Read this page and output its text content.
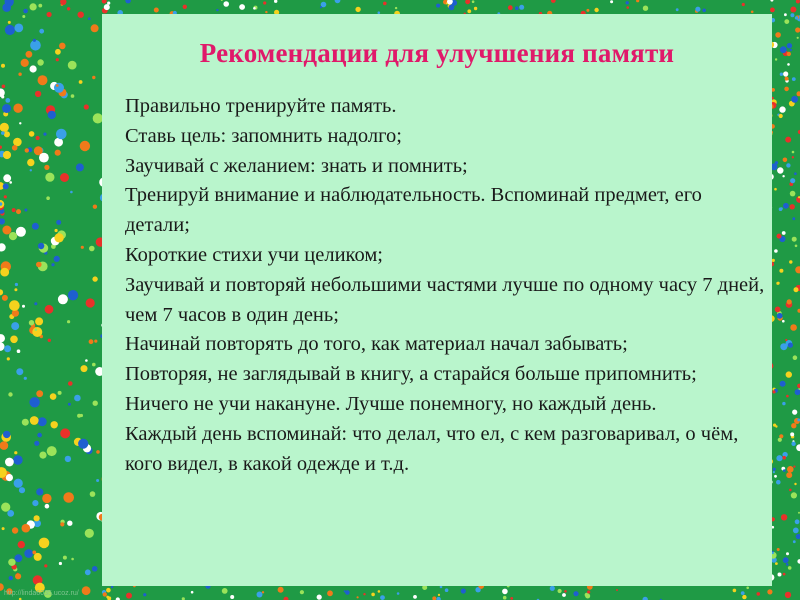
Рекомендации для улучшения памяти
Правильно тренируйте память.
Ставь цель: запомнить надолго;
Заучивай с желанием: знать и помнить;
Тренируй внимание и наблюдательность. Вспоминай предмет, его детали;
Короткие стихи учи целиком;
Заучивай и повторяй небольшими частями лучше по одному часу 7 дней, чем 7 часов в один день;
Начинай повторять до того, как материал начал забывать;
Повторяя, не заглядывай в книгу, а старайся больше припомнить;
Ничего не учи накануне. Лучше понемногу, но каждый день.
Каждый день вспоминай: что делал, что ел, с кем разговаривал, о чём, кого видел, в какой одежде и т.д.
http://linda6035.ucoz.ru/
